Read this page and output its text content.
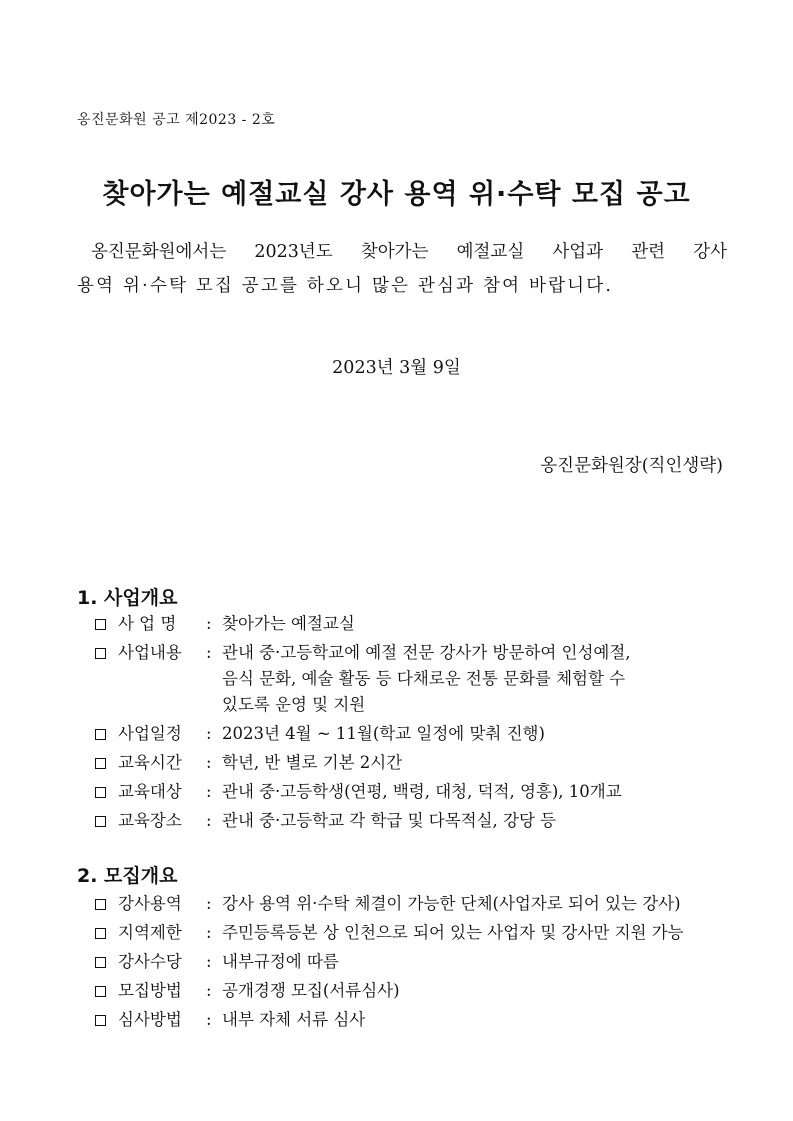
옹진문화원 공고 제2023 - 2호
찾아가는 예절교실 강사 용역 위·수탁 모집 공고

옹진문화원에서는 2023년도 찾아가는 예절교실 사업과 관련 강사

용역 위·수탁 모집 공고를 하오니 많은 관심과 참여 바랍니다.

2023년 3월 9일
옹진문화원장(직인생략)
1. 사업개요
사 업 명	: 찾아가는 예절교실
사업내용	: 관내 중·고등학교에 예절 전문 강사가 방문하여 인성예절,
음식 문화, 예술 활동 등 다채로운 전통 문화를 체험할 수
있도록 운영 및 지원
사업일정	: 2023년 4월 ~ 11월(학교 일정에 맞춰 진행)
교육시간	: 학년, 반 별로 기본 2시간
교육대상	: 관내 중·고등학생(연평, 백령, 대청, 덕적, 영흥), 10개교
교육장소	: 관내 중·고등학교 각 학급 및 다목적실, 강당 등
2. 모집개요
강사용역	: 강사 용역 위·수탁 체결이 가능한 단체(사업자로 되어 있는 강사)
지역제한	: 주민등록등본 상 인천으로 되어 있는 사업자 및 강사만 지원 가능
강사수당	: 내부규정에 따름
모집방법	: 공개경쟁 모집(서류심사)
심사방법	: 내부 자체 서류 심사
